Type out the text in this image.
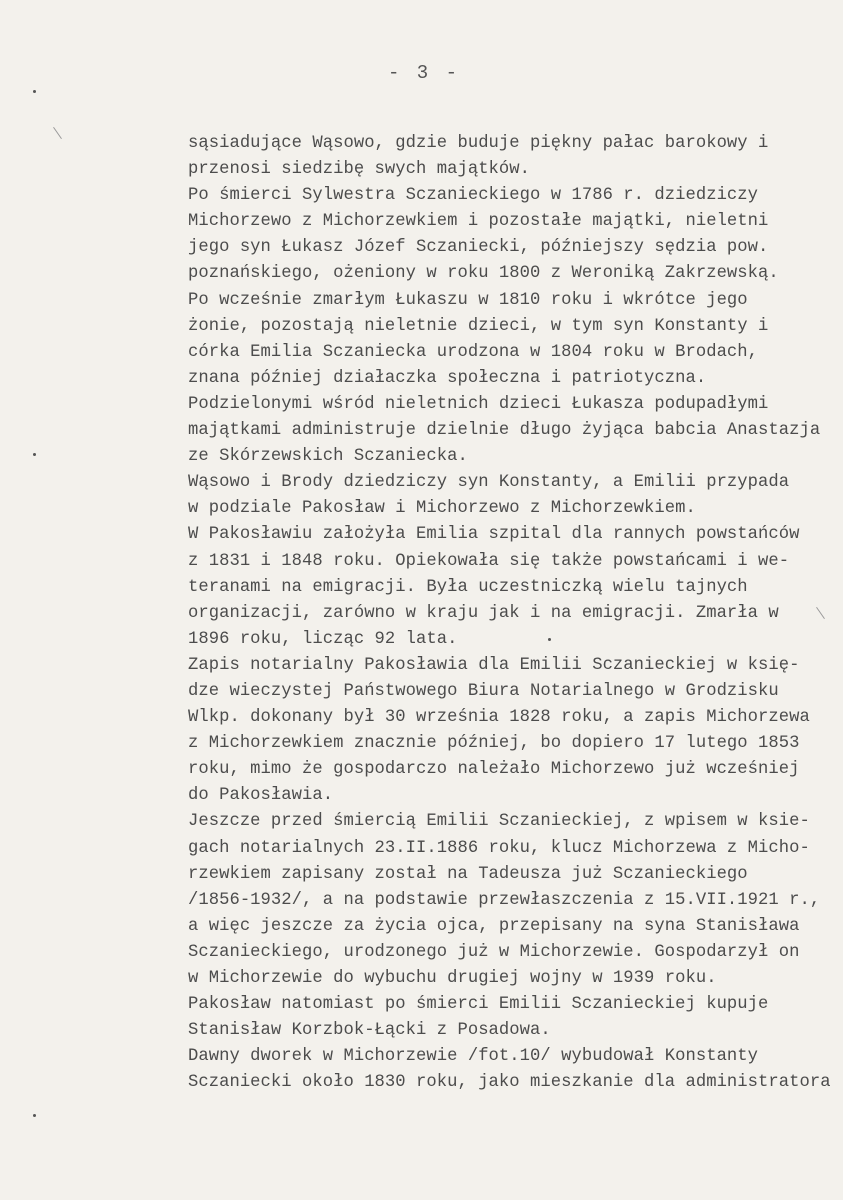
- 3 -
sąsiadujące Wąsowo, gdzie buduje piękny pałac barokowy i
przenosi siedzibę swych majątków.
Po śmierci Sylwestra Sczanieckiego w 1786 r. dziedziczy
Michorzewo z Michorzewkiem i pozostałe majątki, nieletni
jego syn Łukasz Józef Sczaniecki, późniejszy sędzia pow.
poznańskiego, ożeniony w roku 1800 z Weroniką Zakrzewską.
Po wcześnie zmarłym Łukaszu w 1810 roku i wkrótce jego
żonie, pozostają nieletnie dzieci, w tym syn Konstanty i
córka Emilia Sczaniecka urodzona w 1804 roku w Brodach,
znana później działaczka społeczna i patriotyczna.
Podzielonymi wśród nieletnich dzieci Łukasza podupadłymi
majątkami administruje dzielnie długo żyjąca babcia Anastazja
ze Skórzewskich Sczaniecka.
Wąsowo i Brody dziedziczy syn Konstanty, a Emilii przypada
w podziale Pakosław i Michorzewo z Michorzewkiem.
W Pakosławiu założyła Emilia szpital dla rannych powstańców
z 1831 i 1848 roku. Opiekowała się także powstańcami i we-
teranami na emigracji. Była uczestniczką wielu tajnych
organizacji, zarówno w kraju jak i na emigracji. Zmarła w
1896 roku, licząc 92 lata.
Zapis notarialny Pakosławia dla Emilii Sczanieckiej w księ-
dze wieczystej Państwowego Biura Notarialnego w Grodzisku
Wlkp. dokonany był 30 września 1828 roku, a zapis Michorzewa
z Michorzewkiem znacznie później, bo dopiero 17 lutego 1853
roku, mimo że gospodarczo należało Michorzewo już wcześniej
do Pakosławia.
Jeszcze przed śmiercią Emilii Sczanieckiej, z wpisem w ksie-
gach notarialnych 23.II.1886 roku, klucz Michorzewa z Micho-
rzewkiem zapisany został na Tadeusza już Sczanieckiego
/1856-1932/, a na podstawie przewłaszczenia z 15.VII.1921 r.,
a więc jeszcze za życia ojca, przepisany na syna Stanisława
Sczanieckiego, urodzonego już w Michorzewie. Gospodarzył on
w Michorzewie do wybuchu drugiej wojny w 1939 roku.
Pakosław natomiast po śmierci Emilii Sczanieckiej kupuje
Stanisław Korzbok-Łącki z Posadowa.
Dawny dworek w Michorzewie /fot.10/ wybudował Konstanty
Sczaniecki około 1830 roku, jako mieszkanie dla administratora
